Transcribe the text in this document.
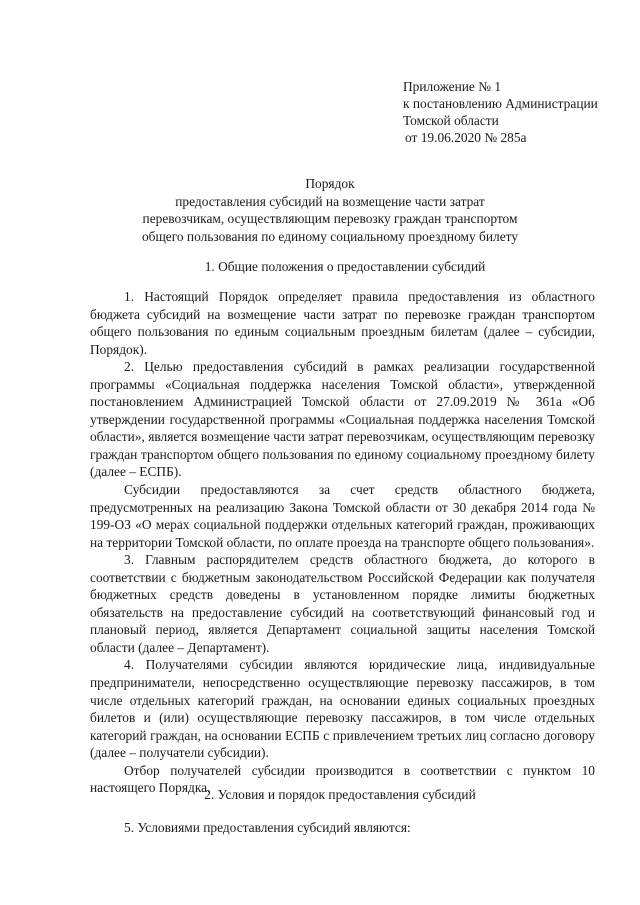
Приложение № 1
к постановлению Администрации
Томской области
от 19.06.2020 № 285а
Порядок
предоставления субсидий на возмещение части затрат
перевозчикам, осуществляющим перевозку граждан транспортом
общего пользования по единому социальному проездному билету
1. Общие положения о предоставлении субсидий

1. Настоящий Порядок определяет правила предоставления из областного бюджета субсидий на возмещение части затрат по перевозке граждан транспортом общего пользования по единым социальным проездным билетам (далее – субсидии, Порядок).

2. Целью предоставления субсидий в рамках реализации государственной программы «Социальная поддержка населения Томской области», утвержденной постановлением Администрацией Томской области от 27.09.2019 № 361а «Об утверждении государственной программы «Социальная поддержка населения Томской области», является возмещение части затрат перевозчикам, осуществляющим перевозку граждан транспортом общего пользования по единому социальному проездному билету (далее – ЕСПБ).

Субсидии предоставляются за счет средств областного бюджета, предусмотренных на реализацию Закона Томской области от 30 декабря 2014 года № 199-ОЗ «О мерах социальной поддержки отдельных категорий граждан, проживающих на территории Томской области, по оплате проезда на транспорте общего пользования».

3. Главным распорядителем средств областного бюджета, до которого в соответствии с бюджетным законодательством Российской Федерации как получателя бюджетных средств доведены в установленном порядке лимиты бюджетных обязательств на предоставление субсидий на соответствующий финансовый год и плановый период, является Департамент социальной защиты населения Томской области (далее – Департамент).

4. Получателями субсидии являются юридические лица, индивидуальные предприниматели, непосредственно осуществляющие перевозку пассажиров, в том числе отдельных категорий граждан, на основании единых социальных проездных билетов и (или) осуществляющие перевозку пассажиров, в том числе отдельных категорий граждан, на основании ЕСПБ с привлечением третьих лиц согласно договору (далее – получатели субсидии).

Отбор получателей субсидии производится в соответствии с пунктом 10 настоящего Порядка.

2. Условия и порядок предоставления субсидий
5. Условиями предоставления субсидий являются:
